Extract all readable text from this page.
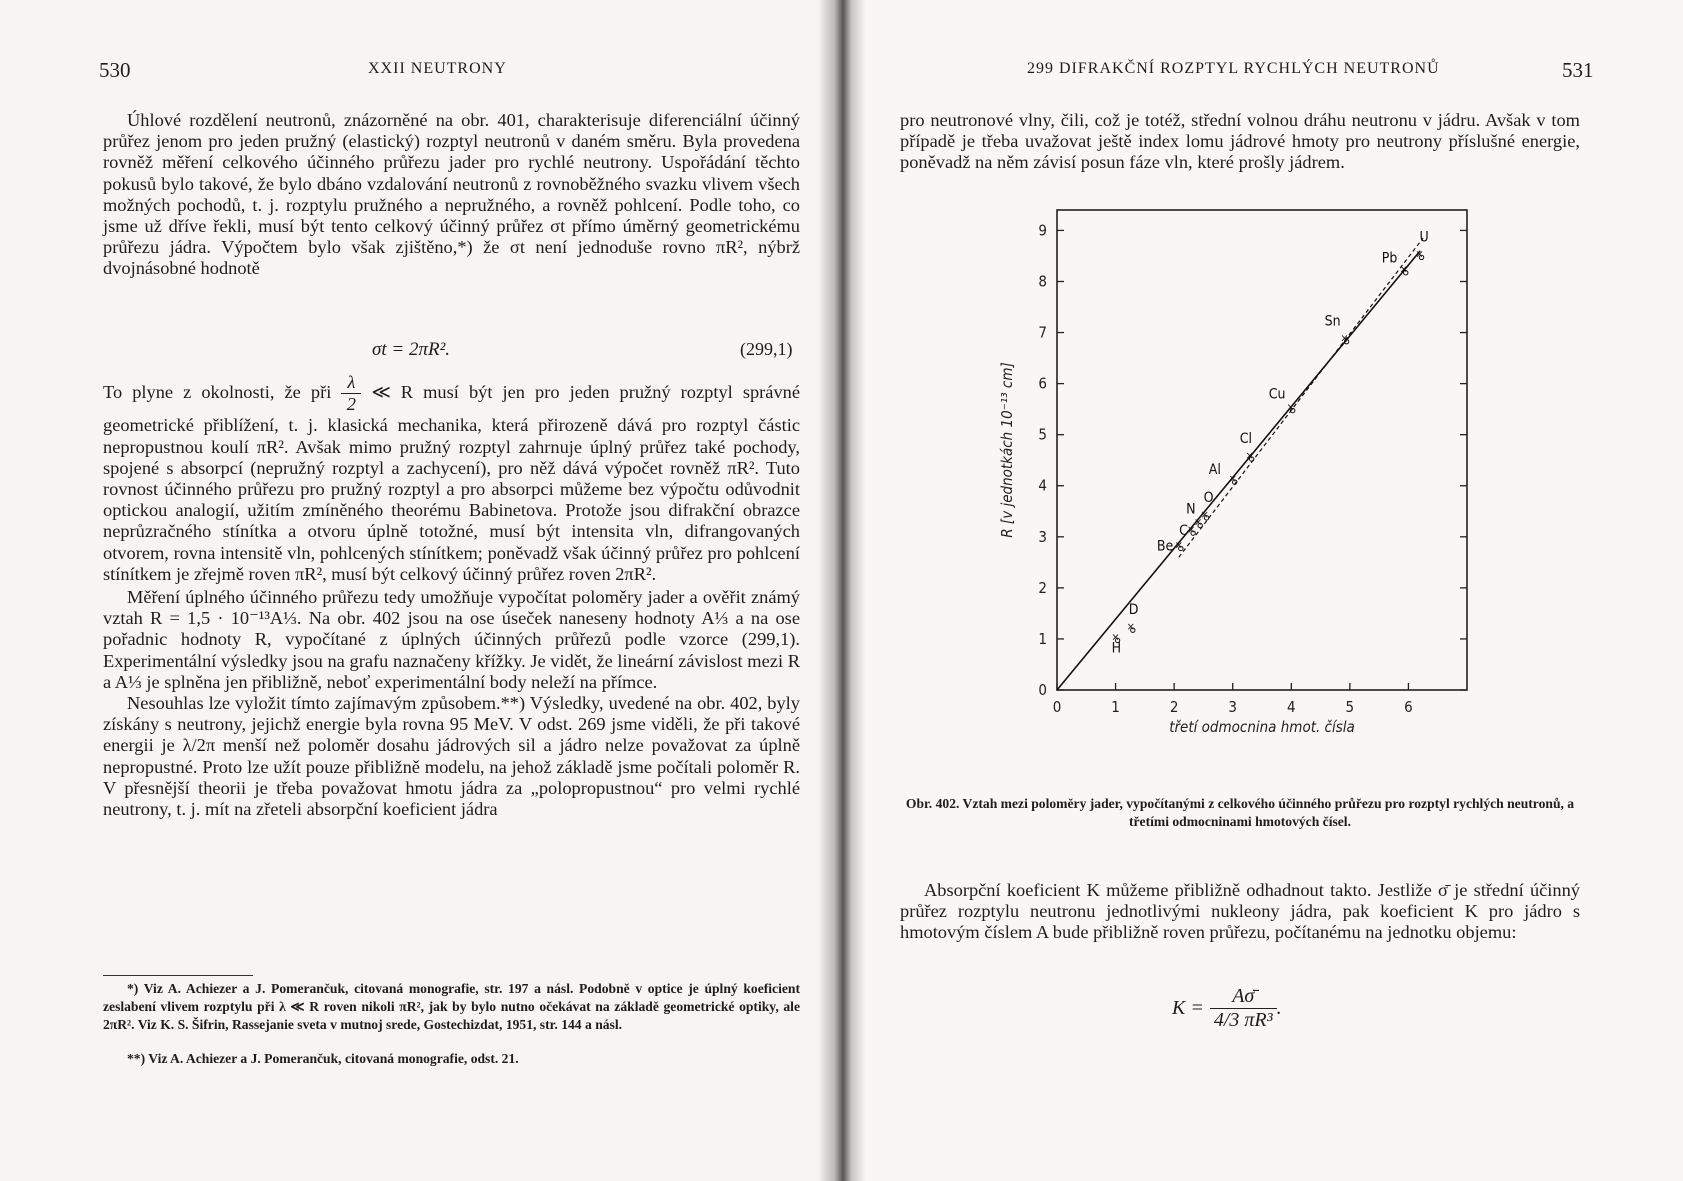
530	XXII NEUTRONY

Úhlové rozdělení neutronů, znázorněné na obr. 401, charakterisuje diferenciální účinný průřez jenom pro jeden pružný (elastický) rozptyl neutronů v daném směru. Byla provedena rovněž měření celkového účinného průřezu jader pro rychlé neutrony. Uspořádání těchto pokusů bylo takové, že bylo dbáno vzdalování neutronů z rovnoběžného svazku vlivem všech možných pochodů, t. j. rozptylu pružného a nepružného, a rovněž pohlcení. Podle toho, co jsme už dříve řekli, musí být tento celkový účinný průřez σt přímo úměrný geometrickému průřezu jádra. Výpočtem bylo však zjištěno,*) že σt není jednoduše rovno πR², nýbrž dvojnásobné hodnotě

σt = 2πR².	(299,1)

To plyne z okolnosti, že při $\frac{\lambda}{2}$ ≪ R musí být jen pro jeden pružný rozptyl správné geometrické přiblížení, t. j. klasická mechanika, která přirozeně dává pro rozptyl částic nepropustnou koulí πR². Avšak mimo pružný rozptyl zahrnuje úplný průřez také pochody, spojené s absorpcí (nepružný rozptyl a zachycení), pro něž dává výpočet rovněž πR². Tuto rovnost účinného průřezu pro pružný rozptyl a pro absorpci můžeme bez výpočtu odůvodnit optickou analogií, užitím zmíněného theorému Babinetova. Protože jsou difrakční obrazce neprůzračného stínítka a otvoru úplně totožné, musí být intensita vln, difrangovaných otvorem, rovna intensitě vln, pohlcených stínítkem; poněvadž však účinný průřez pro pohlcení stínítkem je zřejmě roven πR², musí být celkový účinný průřez roven 2πR².

Měření úplného účinného průřezu tedy umožňuje vypočítat poloměry jader a ověřit známý vztah R = 1,5 · 10⁻¹³A⅓. Na obr. 402 jsou na ose úseček naneseny hodnoty A⅓ a na ose pořadnic hodnoty R, vypočítané z úplných účinných průřezů podle vzorce (299,1). Experimentální výsledky jsou na grafu naznačeny křížky. Je vidět, že lineární závislost mezi R a A⅓ je splněna jen přibližně, neboť experimentální body neleží na přímce.

Nesouhlas lze vyložit tímto zajímavým způsobem.**) Výsledky, uvedené na obr. 402, byly získány s neutrony, jejichž energie byla rovna 95 MeV. V odst. 269 jsme viděli, že při takové energii je λ/2π menší než poloměr dosahu jádrových sil a jádro nelze považovat za úplně nepropustné. Proto lze užít pouze přibližně modelu, na jehož základě jsme počítali poloměr R. V přesnější theorii je třeba považovat hmotu jádra za „polopropustnou“ pro velmi rychlé neutrony, t. j. mít na zřeteli absorpční koeficient jádra

*) Viz A. Achiezer a J. Pomerančuk, citovaná monografie, str. 197 a násl. Podobně v optice je úplný koeficient zeslabení vlivem rozptylu při λ ≪ R roven nikoli πR², jak by bylo nutno očekávat na základě geometrické optiky, ale 2πR². Viz K. S. Šifrin, Rassejanie sveta v mutnoj srede, Gostechizdat, 1951, str. 144 a násl.
**) Viz A. Achiezer a J. Pomerančuk, citovaná monografie, odst. 21.
299 DIFRAKČNÍ ROZPTYL RYCHLÝCH NEUTRONŮ	531
pro neutronové vlny, čili, což je totéž, střední volnou dráhu neutronu v jádru. Avšak v tom případě je třeba uvažovat ještě index lomu jádrové hmoty pro neutrony příslušné energie, poněvadž na něm závisí posun fáze vln, které prošly jádrem.
0	1	2	3	4	5	6
0
1
2
3
4
5
6
7
8
9
třetí odmocnina hmot. čísla
R [v jednotkách 10⁻¹³ cm]
×
H
×
D
×
Be
×
C
×
N ×
O
×
Al
×
Cl
×
Cu
×
Sn
×
Pb ×
U
Obr. 402. Vztah mezi poloměry jader, vypočítanými z celkového účinného průřezu pro rozptyl rychlých neutronů, a třetími odmocninami hmotových čísel.

Absorpční koeficient K můžeme přibližně odhadnout takto. Jestliže σ̄ je střední účinný průřez rozptylu neutronu jednotlivými nukleony jádra, pak koeficient K pro jádro s hmotovým číslem A bude přibližně roven průřezu, počítanému na jednotku objemu:

$K = \frac{A\sigmā}{\text{4/3 πR³}}$ .
